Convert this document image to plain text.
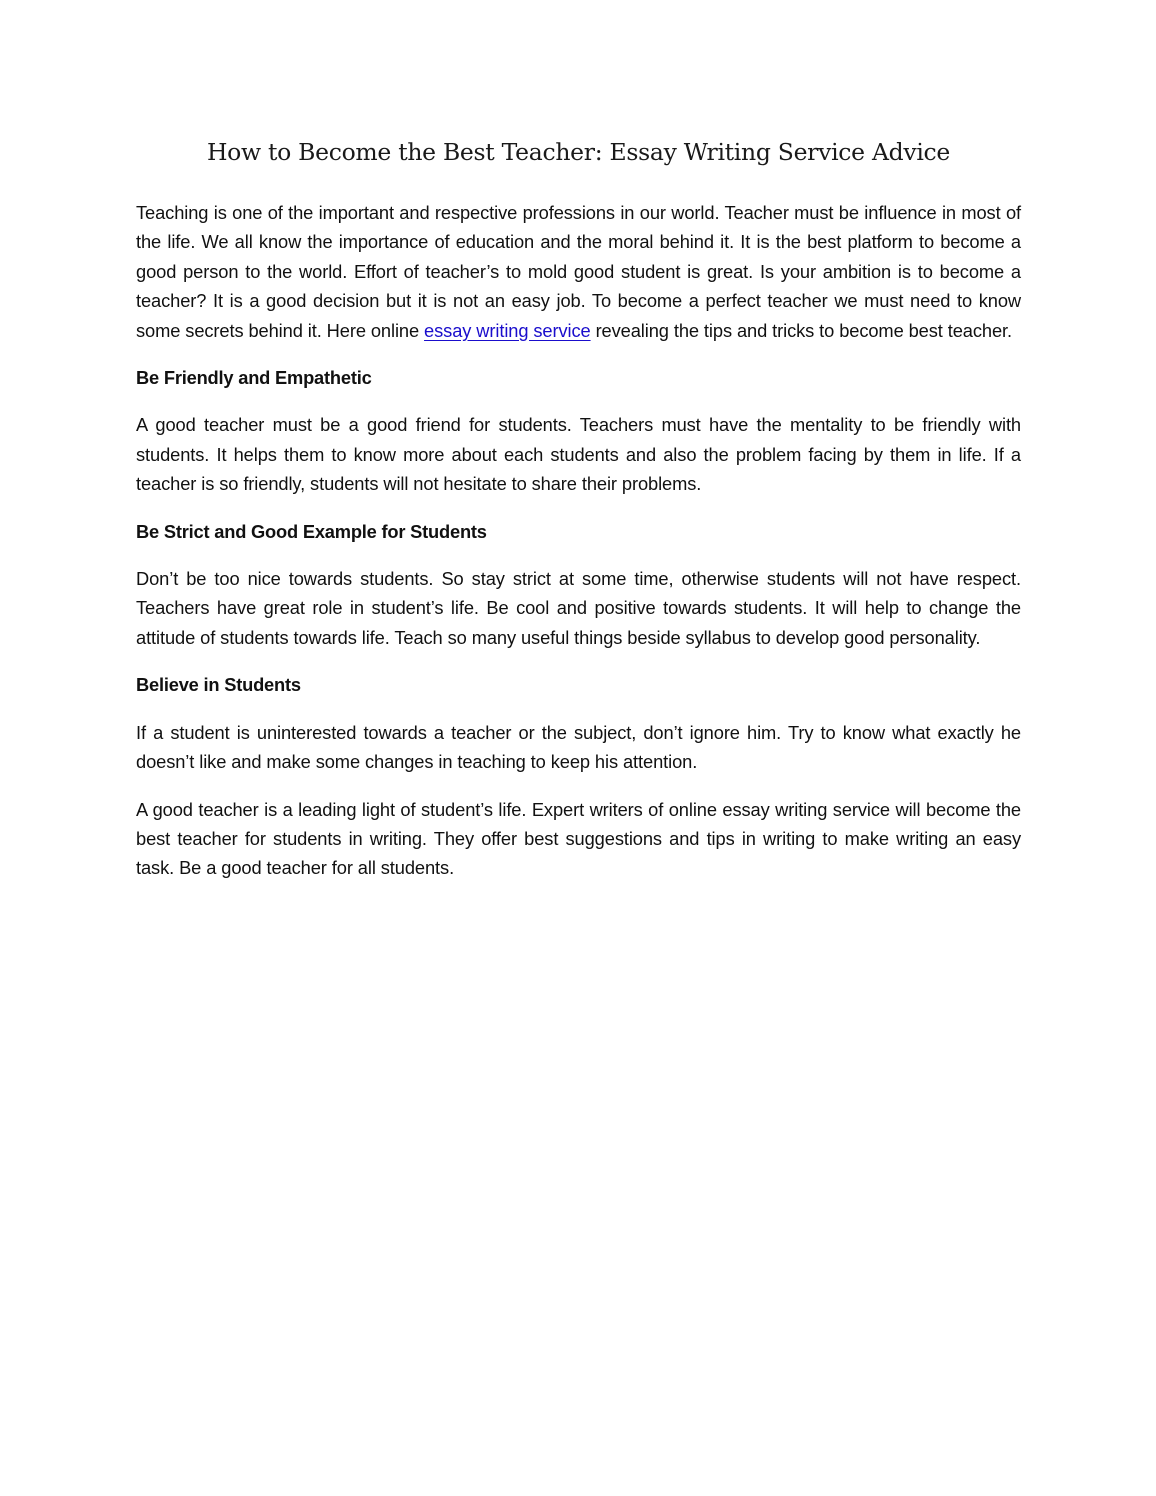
How to Become the Best Teacher: Essay Writing Service Advice

Teaching is one of the important and respective professions in our world. Teacher must be influence in most of the life. We all know the importance of education and the moral behind it. It is the best platform to become a good person to the world. Effort of teacher’s to mold good student is great. Is your ambition is to become a teacher? It is a good decision but it is not an easy job. To become a perfect teacher we must need to know some secrets behind it. Here online essay writing service revealing the tips and tricks to become best teacher.

Be Friendly and Empathetic

A good teacher must be a good friend for students. Teachers must have the mentality to be friendly with students. It helps them to know more about each students and also the problem facing by them in life. If a teacher is so friendly, students will not hesitate to share their problems.

Be Strict and Good Example for Students

Don’t be too nice towards students. So stay strict at some time, otherwise students will not have respect. Teachers have great role in student’s life. Be cool and positive towards students. It will help to change the attitude of students towards life. Teach so many useful things beside syllabus to develop good personality.

Believe in Students

If a student is uninterested towards a teacher or the subject, don’t ignore him. Try to know what exactly he doesn’t like and make some changes in teaching to keep his attention.

A good teacher is a leading light of student’s life. Expert writers of online essay writing service will become the best teacher for students in writing. They offer best suggestions and tips in writing to make writing an easy task. Be a good teacher for all students.
